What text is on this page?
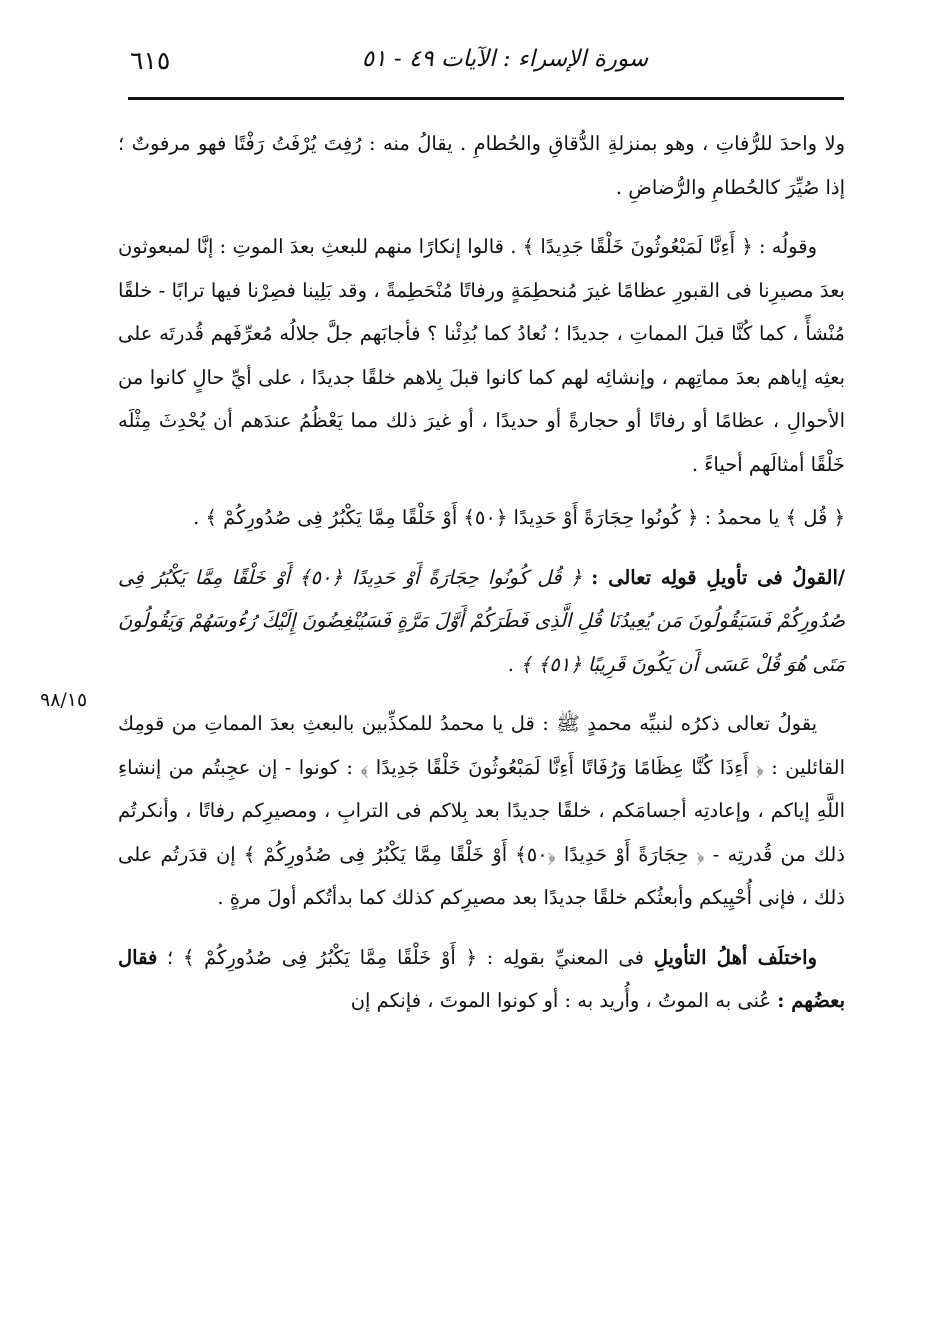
٦١٥	سورة الإسراء : الآيات ٤٩ - ٥١
٩٨/١٥

ولا واحدَ للرُّفاتِ ، وهو بمنزلةِ الدُّقاقِ والحُطامِ . يقالُ منه : رُفِتَ يُرْفَتُ رَفْتًا فهو مرفوتٌ ؛ إذا صُيِّرَ كالحُطامِ والرُّضاضِ .

وقولُه : ﴿ أَءِنَّا لَمَبْعُوثُونَ خَلْقًا جَدِيدًا ﴾ . قالوا إنكارًا منهم للبعثِ بعدَ الموتِ : إنَّا لمبعوثون بعدَ مصيرِنا فى القبورِ عظامًا غيرَ مُنحطِمَةٍ ورفاتًا مُنْحَطِمةً ، وقد بَلِينا فصِرْنا فيها ترابًا - خلقًا مُنْشأً ، كما كُنَّا قبلَ المماتِ ، جديدًا ؛ نُعادُ كما بُدِئْنا ؟ فأجابَهم جلَّ جلالُه مُعرِّفَهم قُدرتَه على بعثِه إياهم بعدَ مماتِهم ، وإنشائِه لهم كما كانوا قبلَ بِلاهم خلقًا جديدًا ، على أيِّ حالٍ كانوا من الأحوالِ ، عظامًا أو رفاتًا أو حجارةً أو حديدًا ، أو غيرَ ذلك مما يَعْظُمُ عندَهم أن يُحْدِثَ مِثْلَه خَلْقًا أمثالَهم أحياءً .

﴿ قُل ﴾ يا محمدُ : ﴿ كُونُوا حِجَارَةً أَوْ حَدِيدًا ﴿٥٠﴾ أَوْ خَلْقًا مِمَّا يَكْبُرُ فِى صُدُورِكُمْ ﴾ .

/القولُ فى تأويلِ قولِه تعالى : ﴿ قُل كُونُوا حِجَارَةً أَوْ حَدِيدًا ﴿٥٠﴾ أَوْ خَلْقًا مِمَّا يَكْبُرُ فِى صُدُورِكُمْ فَسَيَقُولُونَ مَن يُعِيدُنَا قُلِ الَّذِى فَطَرَكُمْ أَوَّلَ مَرَّةٍ فَسَيُنْغِضُونَ إِلَيْكَ رُءُوسَهُمْ وَيَقُولُونَ مَتَى هُوَ قُلْ عَسَى أَن يَكُونَ قَرِيبًا ﴿٥١﴾ ﴾ .

يقولُ تعالى ذكرُه لنبيِّه محمدٍ ﷺ : قل يا محمدُ للمكذِّبين بالبعثِ بعدَ المماتِ من قومِك القائلين : ﴿ أَءِذَا كُنَّا عِظَامًا وَرُفَاتًا أَءِنَّا لَمَبْعُوثُونَ خَلْقًا جَدِيدًا ﴾ : كونوا - إن عجِبتُم من إنشاءِ اللَّهِ إياكم ، وإعادتِه أجسامَكم ، خلقًا جديدًا بعد بِلاكم فى الترابِ ، ومصيرِكم رفاتًا ، وأنكرتُم ذلك من قُدرتِه - ﴿ حِجَارَةً أَوْ حَدِيدًا ﴿٥٠﴾ أَوْ خَلْقًا مِمَّا يَكْبُرُ فِى صُدُورِكُمْ ﴾ إن قدَرتُم على ذلك ، فإنى أُحْيِيكم وأبعثُكم خلقًا جديدًا بعد مصيرِكم كذلك كما بدأتُكم أولَ مرةٍ .

واختلَف أهلُ التأويلِ فى المعنيِّ بقولِه : ﴿ أَوْ خَلْقًا مِمَّا يَكْبُرُ فِى صُدُورِكُمْ ﴾ ؛ فقال بعضُهم : عُنى به الموتُ ، وأُريد به : أو كونوا الموتَ ، فإنكم إن
